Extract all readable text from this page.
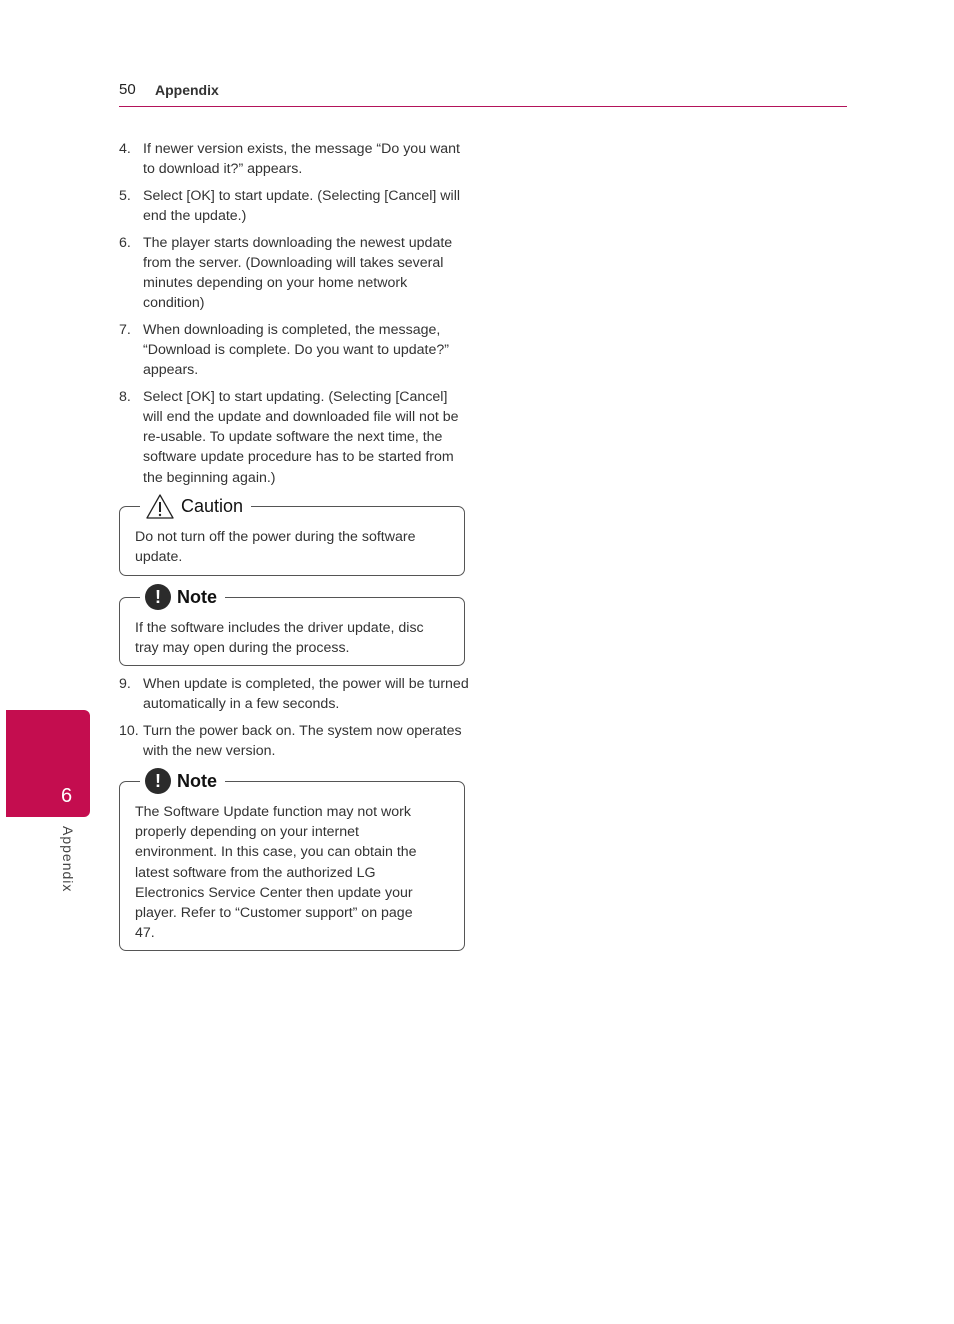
50 Appendix
4. If newer version exists, the message “Do you want to download it?” appears.
5. Select [OK] to start update. (Selecting [Cancel] will end the update.)
6. The player starts downloading the newest update from the server. (Downloading will takes several minutes depending on your home network condition)
7. When downloading is completed, the message, “Download is complete. Do you want to update?” appears.
8. Select [OK] to start updating. (Selecting [Cancel] will end the update and downloaded file will not be re-usable. To update software the next time, the software update procedure has to be started from the beginning again.)
Caution
Do not turn off the power during the software update.
! Note
If the software includes the driver update, disc tray may open during the process.
9. When update is completed, the power will be turned automatically in a few seconds.
10. Turn the power back on. The system now operates with the new version.
! Note
The Software Update function may not work properly depending on your internet environment. In this case, you can obtain the latest software from the authorized LG Electronics Service Center then update your player. Refer to “Customer support” on page 47.
6
Appendix
